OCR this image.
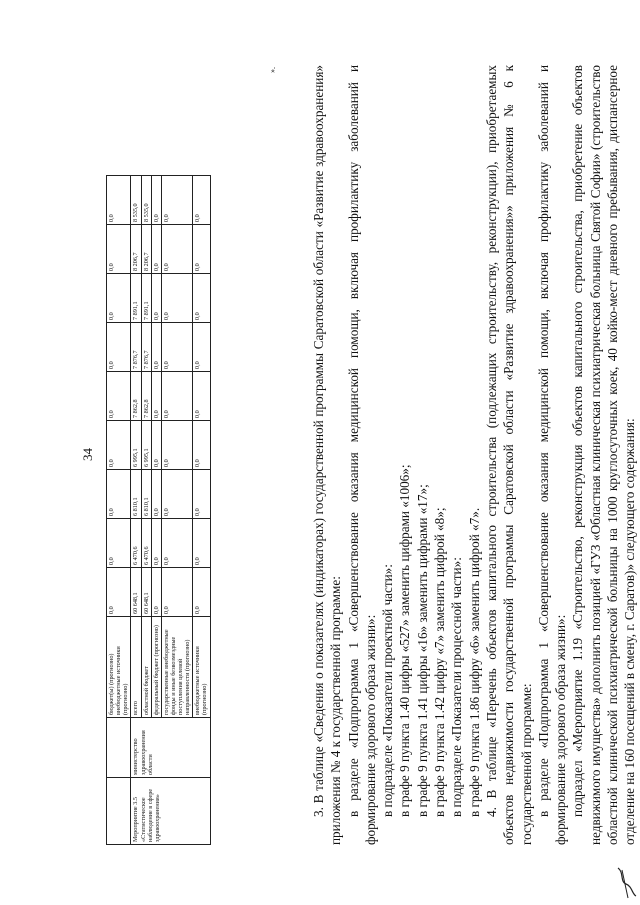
34
		бюджет(ы) (прогнозно) внебюджетные источники (прогнозно)	0,0	0,0	0,0	0,0	0,0	0,0	0,0	0,0	0,0
Мероприятие 3.5 «Статистическое наблюдение в сфере здравоохранения»	министерство здравоохранения области	всего	60 648,1	6 470,6	6 810,1	6 995,1	7 862,8	7 876,7	7 891,1	8 206,7	8 535,0
		областной бюджет	60 648,1	6 470,6	6 810,1	6 995,1	7 862,8	7 876,7	7 891,1	8 206,7	8 535,0
		федеральный бюджет (прогнозно)	0,0	0,0	0,0	0,0	0,0	0,0	0,0	0,0	0,0
		государственные внебюджетные фонды и иные безвозмездные поступления целевой направленности (прогнозно)	0,0	0,0	0,0	0,0	0,0	0,0	0,0	0,0	0,0
		внебюджетные источники (прогнозно)	0,0	0,0	0,0	0,0	0,0	0,0	0,0	0,0	0,0
».	3. В таблице «Сведения о показателях (индикаторах) государственной программы Саратовской области «Развитие здравоохранения» приложения № 4 к государственной программе: в разделе «Подпрограмма 1 «Совершенствование оказания медицинской помощи, включая профилактику заболеваний и формирование здорового образа жизни»: в подразделе «Показатели проектной части»: в графе 9 пункта 1.40 цифры «527» заменить цифрами «1006»; в графе 9 пункта 1.41 цифры «16» заменить цифрами «17»; в графе 9 пункта 1.42 цифру «7» заменить цифрой «8»; в подразделе «Показатели процессной части»: в графе 9 пункта 1.86 цифру «6» заменить цифрой «7». 4. В таблице «Перечень объектов капитального строительства (подлежащих строительству, реконструкции), приобретаемых объектов недвижимости государственной программы Саратовской области «Развитие здравоохранения»» приложения № 6 к государственной программе: в разделе «Подпрограмма 1 «Совершенствование оказания медицинской помощи, включая профилактику заболеваний и формирование здорового образа жизни»: подраздел «Мероприятие 1.19 «Строительство, реконструкция объектов капитального строительства, приобретение объектов недвижимого имущества» дополнить позицией «ГУЗ «Областная клиническая психиатрическая больница Святой Софии» (строительство областной клинической психиатрической больницы на 1000 круглосуточных коек, 40 койко-мест дневного пребывания, диспансерное отделение на 160 посещений в смену, г. Саратов)» следующего содержания:
